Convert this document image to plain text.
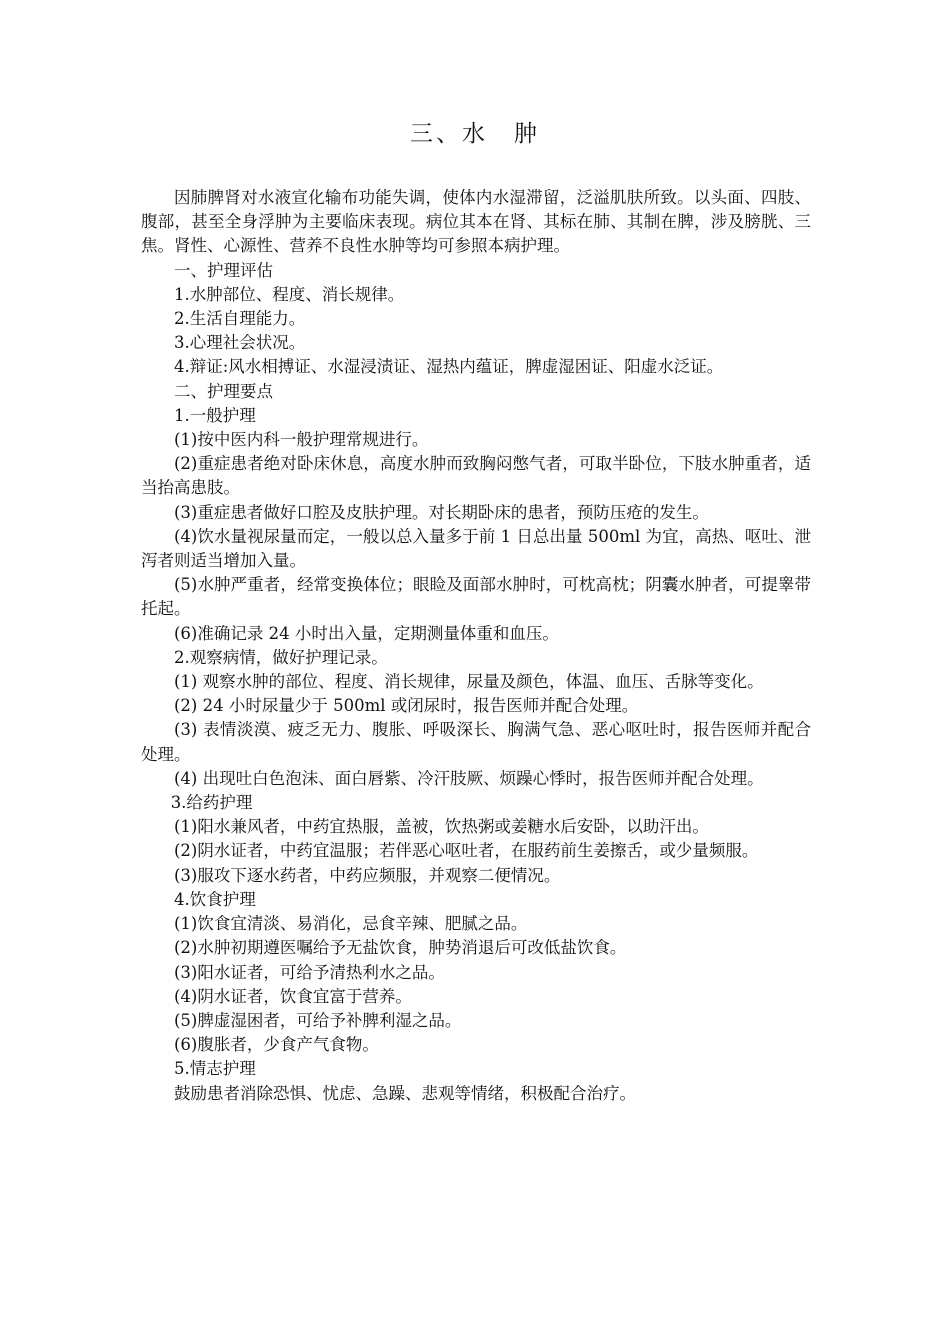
三、水　肿

因肺脾肾对水液宣化输布功能失调，使体内水湿滞留，泛溢肌肤所致。以头面、四肢、腹部，甚至全身浮肿为主要临床表现。病位其本在肾、其标在肺、其制在脾，涉及膀胱、三焦。肾性、心源性、营养不良性水肿等均可参照本病护理。

一、护理评估

1.水肿部位、程度、消长规律。

2.生活自理能力。

3.心理社会状况。

4.辩证:风水相搏证、水湿浸渍证、湿热内蕴证，脾虚湿困证、阳虚水泛证。

二、护理要点

1.一般护理

(1)按中医内科一般护理常规进行。

(2)重症患者绝对卧床休息，高度水肿而致胸闷憋气者，可取半卧位，下肢水肿重者，适当抬高患肢。

(3)重症患者做好口腔及皮肤护理。对长期卧床的患者，预防压疮的发生。

(4)饮水量视尿量而定，一般以总入量多于前 1 日总出量 500ml 为宜，高热、呕吐、泄泻者则适当增加入量。

(5)水肿严重者，经常变换体位；眼睑及面部水肿时，可枕高枕；阴囊水肿者，可提睾带托起。

(6)准确记录 24 小时出入量，定期测量体重和血压。

2.观察病情，做好护理记录。

(1) 观察水肿的部位、程度、消长规律，尿量及颜色，体温、血压、舌脉等变化。

(2) 24 小时尿量少于 500ml 或闭尿时，报告医师并配合处理。

(3) 表情淡漠、疲乏无力、腹胀、呼吸深长、胸满气急、恶心呕吐时，报告医师并配合处理。

(4) 出现吐白色泡沫、面白唇紫、冷汗肢厥、烦躁心悸时，报告医师并配合处理。

3.给药护理

(1)阳水兼风者，中药宜热服，盖被，饮热粥或姜糖水后安卧，以助汗出。

(2)阴水证者，中药宜温服；若伴恶心呕吐者，在服药前生姜擦舌，或少量频服。

(3)服攻下逐水药者，中药应频服，并观察二便情况。

4.饮食护理

(1)饮食宜清淡、易消化，忌食辛辣、肥腻之品。

(2)水肿初期遵医嘱给予无盐饮食，肿势消退后可改低盐饮食。

(3)阳水证者，可给予清热利水之品。

(4)阴水证者，饮食宜富于营养。

(5)脾虚湿困者，可给予补脾利湿之品。

(6)腹胀者，少食产气食物。

5.情志护理

鼓励患者消除恐惧、忧虑、急躁、悲观等情绪，积极配合治疗。
